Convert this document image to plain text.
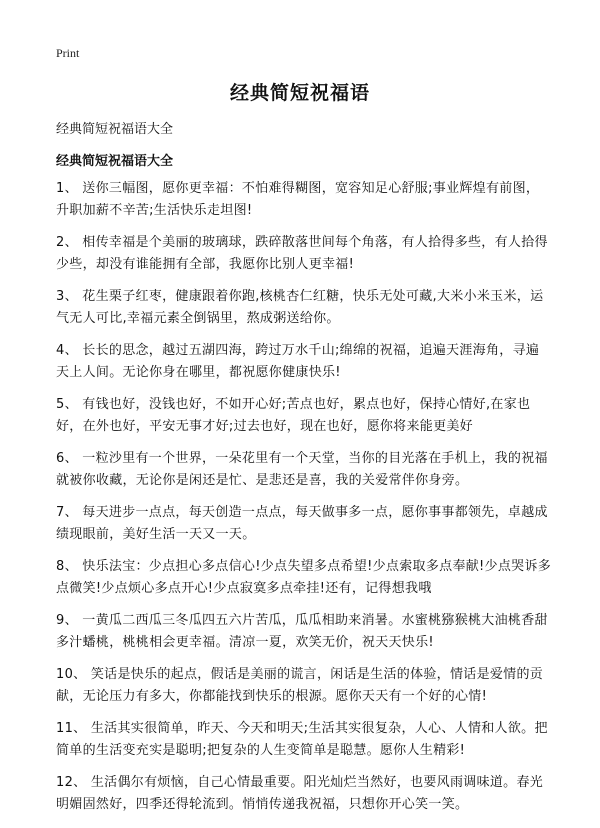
Print
经典简短祝福语

经典简短祝福语大全

经典简短祝福语大全
1、 送你三幅图，愿你更幸福：不怕难得糊图，宽容知足心舒服;事业辉煌有前图，升职加薪不辛苦;生活快乐走坦图!
2、 相传幸福是个美丽的玻璃球，跌碎散落世间每个角落，有人拾得多些，有人拾得少些，却没有谁能拥有全部，我愿你比别人更幸福!
3、 花生栗子红枣，健康跟着你跑,核桃杏仁红糖，快乐无处可藏,大米小米玉米，运气无人可比,幸福元素全倒锅里，熬成粥送给你。
4、 长长的思念，越过五湖四海，跨过万水千山;绵绵的祝福，追遍天涯海角，寻遍天上人间。无论你身在哪里，都祝愿你健康快乐!
5、 有钱也好，没钱也好，不如开心好;苦点也好，累点也好，保持心情好,在家也好，在外也好，平安无事才好;过去也好，现在也好，愿你将来能更美好
6、 一粒沙里有一个世界，一朵花里有一个天堂，当你的目光落在手机上，我的祝福就被你收藏，无论你是闲还是忙、是悲还是喜，我的关爱常伴你身旁。
7、 每天进步一点点，每天创造一点点，每天做事多一点，愿你事事都领先，卓越成绩现眼前，美好生活一天又一天。
8、 快乐法宝：少点担心多点信心!少点失望多点希望!少点索取多点奉献!少点哭诉多点微笑!少点烦心多点开心!少点寂寞多点牵挂!还有，记得想我哦
9、 一黄瓜二西瓜三冬瓜四五六片苦瓜，瓜瓜相助来消暑。水蜜桃猕猴桃大油桃香甜多汁蟠桃，桃桃相会更幸福。清凉一夏，欢笑无价，祝天天快乐!
10、 笑话是快乐的起点，假话是美丽的谎言，闲话是生活的体验，情话是爱情的贡献，无论压力有多大，你都能找到快乐的根源。愿你天天有一个好的心情!
11、 生活其实很简单，昨天、今天和明天;生活其实很复杂，人心、人情和人欲。把简单的生活变充实是聪明;把复杂的人生变简单是聪慧。愿你人生精彩!
12、 生活偶尔有烦恼，自己心情最重要。阳光灿烂当然好，也要风雨调味道。春光明媚固然好，四季还得轮流到。悄悄传递我祝福，只想你开心笑一笑。
